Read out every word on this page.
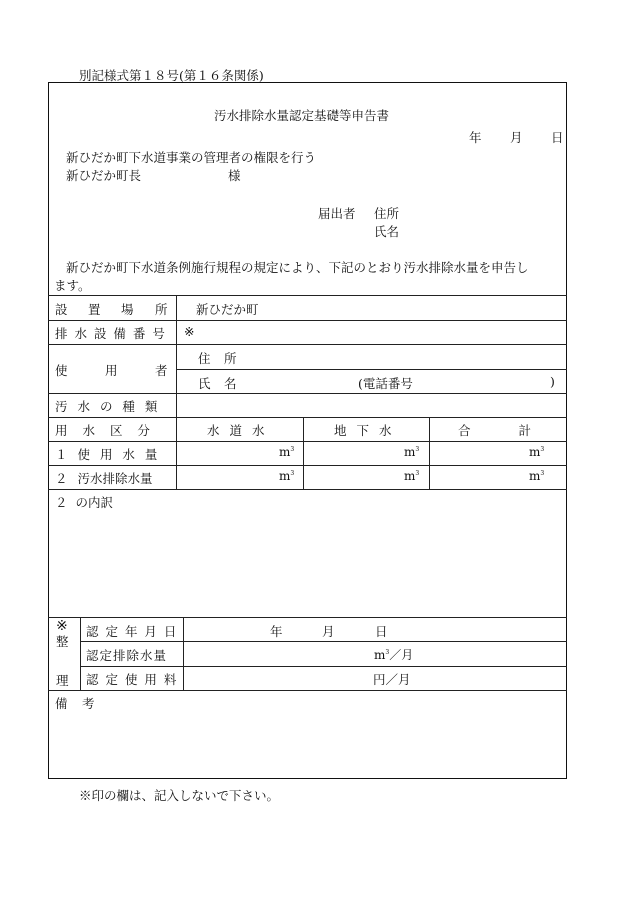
別記様式第１８号(第１６条関係)
汚水排除水量認定基礎等申告書
年 月 日
新ひだか町下水道事業の管理者の権限を行う
新ひだか町長	様
届出者 住所
氏名
新ひだか町下水道条例施行規程の規定により、下記のとおり汚水排除水量を申告し
ます。
設 置 場 所 新ひだか町
排 水 設 備 番 号 ※
使	用	者
住 所
氏 名	(電話番号	)
汚 水 の 種 類
用 水 区 分	水 道 水	地 下 水	合 計
１ 使 用 水 量	$m^3$	$m^3$	$m^3$
２ 汚水排除水量	$m^3$	$m^3$	$m^3$
２ の内訳
※
整
理
認 定 年 月 日	年	月	日
認定排除水量	$m^3/$月
認 定 使 用 料	円／月
備 考
※印の欄は、記入しないで下さい。
